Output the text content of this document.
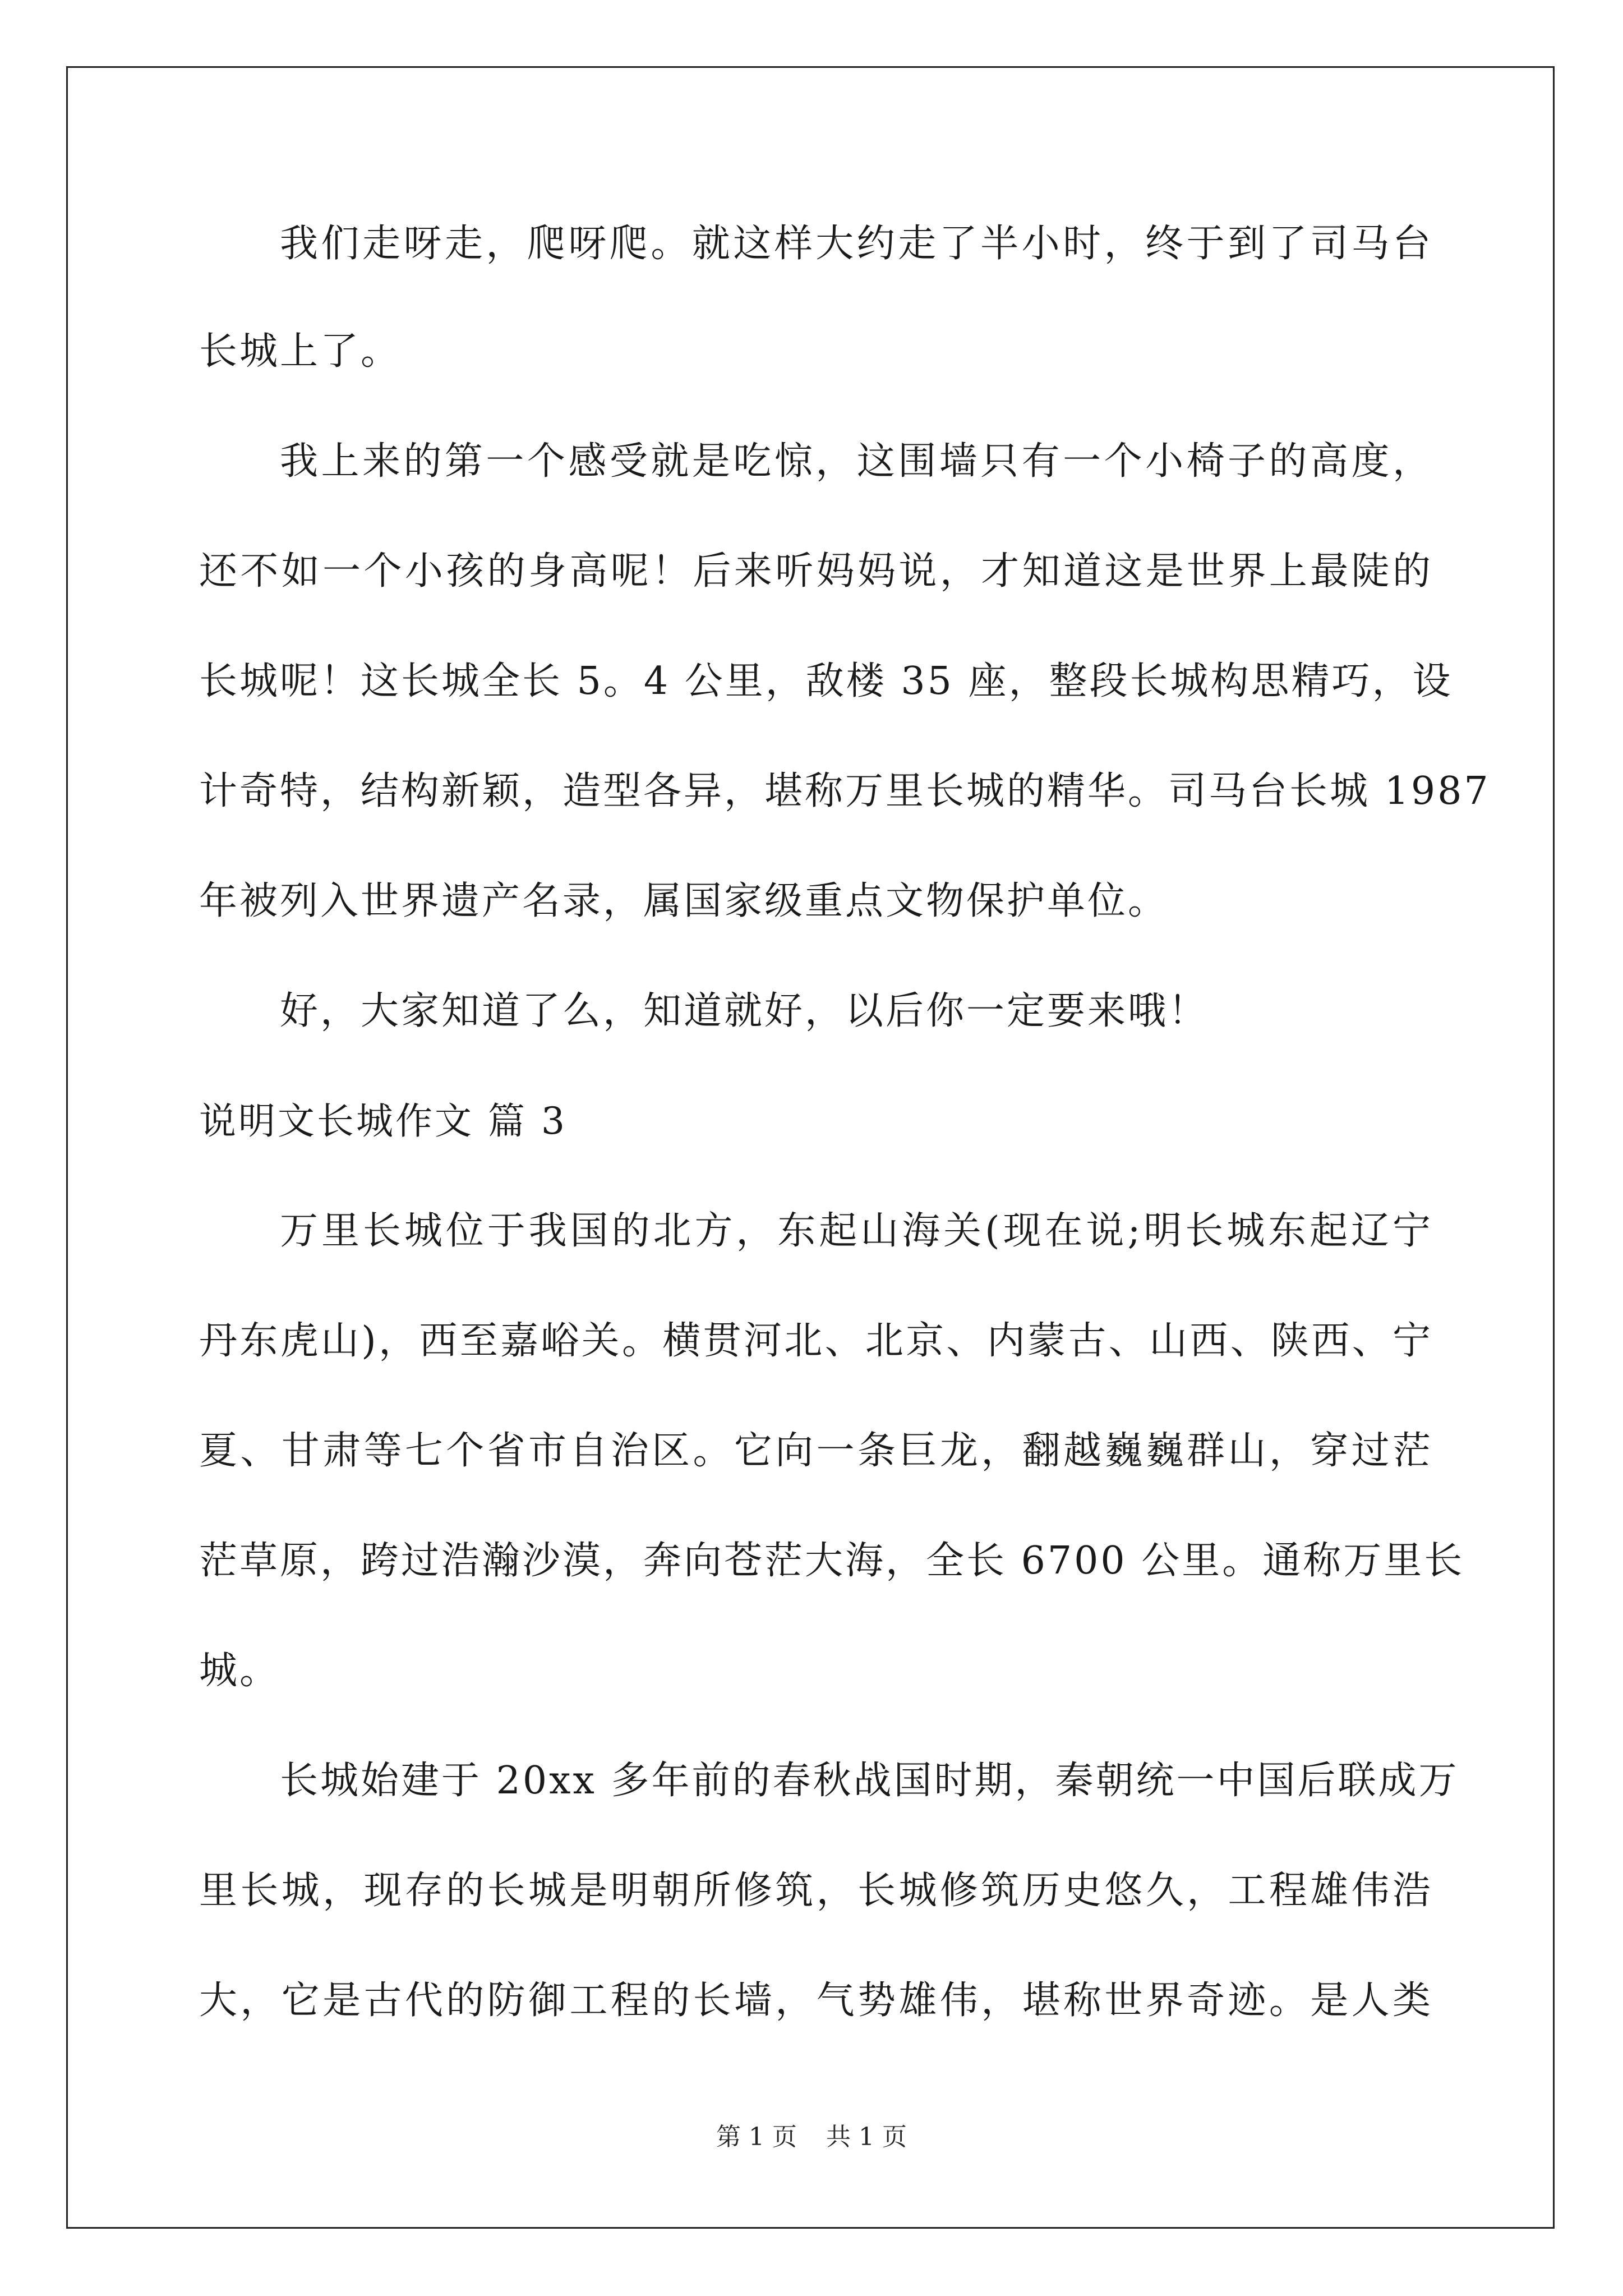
我们走呀走，爬呀爬。就这样大约走了半小时，终于到了司马台
长城上了。
我上来的第一个感受就是吃惊，这围墙只有一个小椅子的高度，
还不如一个小孩的身高呢！后来听妈妈说，才知道这是世界上最陡的
长城呢！这长城全长 5。4 公里，敌楼 35 座，整段长城构思精巧，设
计奇特，结构新颖，造型各异，堪称万里长城的精华。司马台长城 1987
年被列入世界遗产名录，属国家级重点文物保护单位。
好，大家知道了么，知道就好，以后你一定要来哦！
说明文长城作文 篇 3
万里长城位于我国的北方，东起山海关(现在说;明长城东起辽宁
丹东虎山)，西至嘉峪关。横贯河北、北京、内蒙古、山西、陕西、宁
夏、甘肃等七个省市自治区。它向一条巨龙，翻越巍巍群山，穿过茫
茫草原，跨过浩瀚沙漠，奔向苍茫大海，全长 6700 公里。通称万里长
城。
长城始建于 20xx 多年前的春秋战国时期，秦朝统一中国后联成万
里长城，现存的长城是明朝所修筑，长城修筑历史悠久，工程雄伟浩
大，它是古代的防御工程的长墙，气势雄伟，堪称世界奇迹。是人类
第 1 页 共 1 页
